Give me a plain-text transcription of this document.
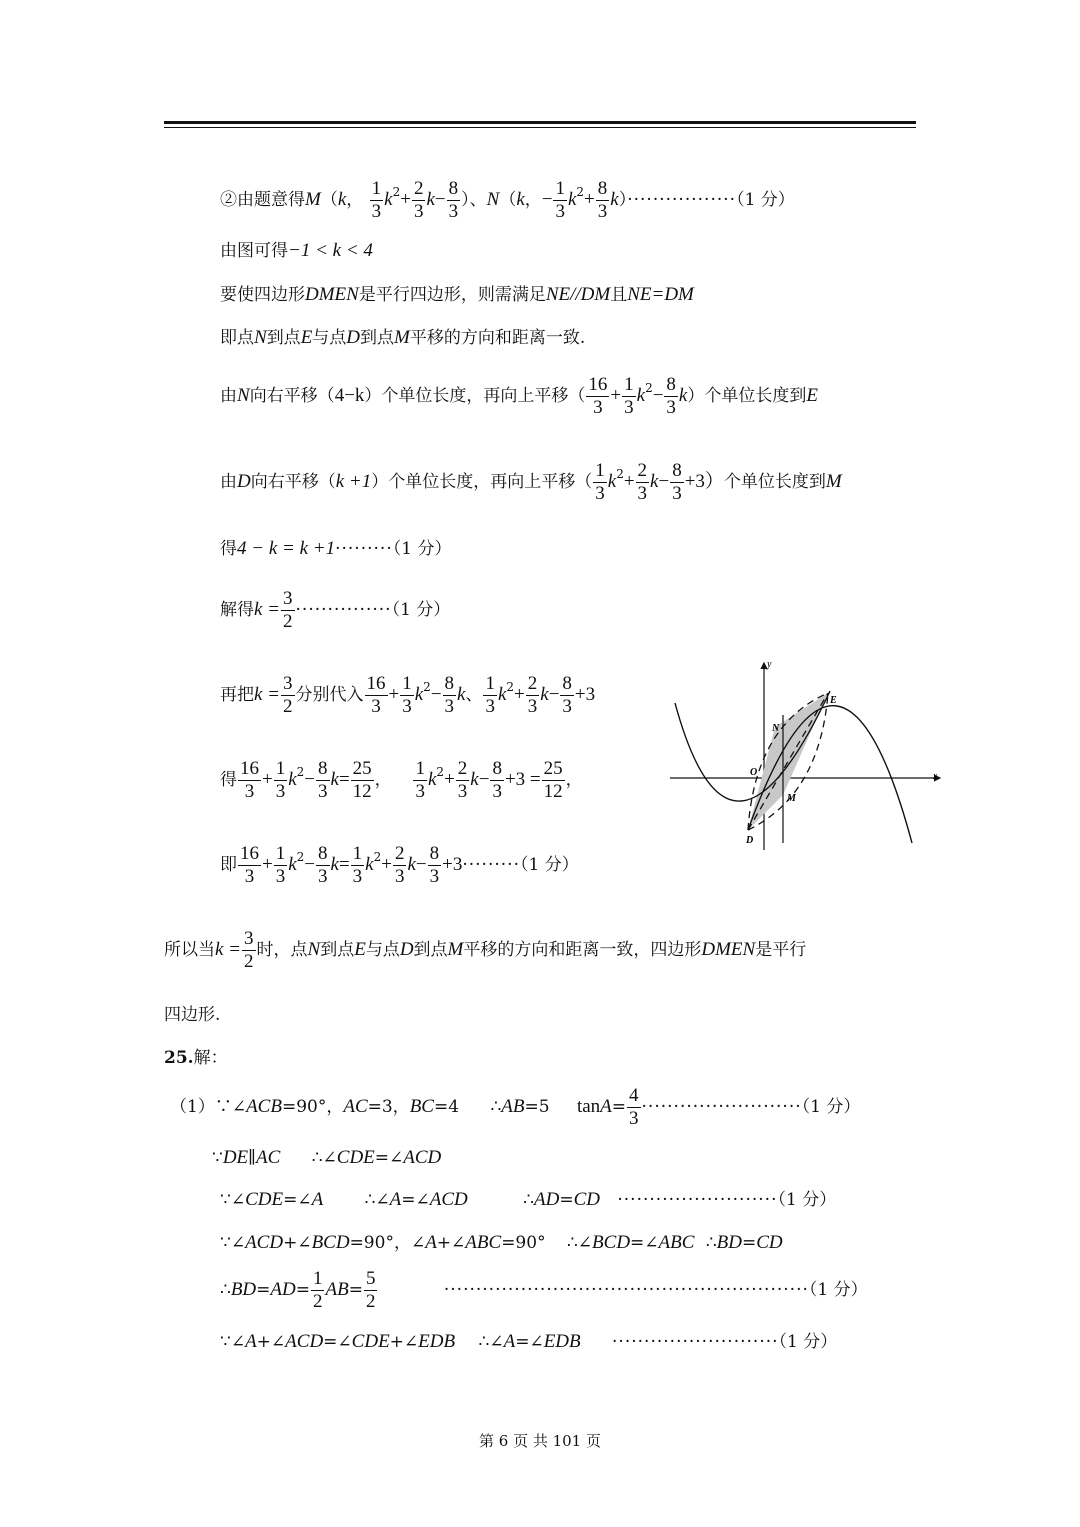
②由题意得M（k， $\frac{1}{3} k^2+ \frac{2}{3} k- \frac{8}{3}$ ）、N（k，− $\frac{1}{3} k^2+ \frac{8}{3} k)\cdot\cdot\cdot\cdot\cdot\cdot\cdot\cdot\cdot\cdot\cdot\cdot\cdot\cdot\cdot\cdot\cdot(1$ 分）
由图可得−1 < k < 4
要使四边形DMEN是平行四边形，则需满足NE//DM且NE=DM
即点N到点E与点D到点M平移的方向和距离一致.
由N向右平移（4−k）个单位长度，再向上平移（ $\frac{16}{3} + \frac{1}{3} k^2- \frac{8}{3} k$）个单位长度到E
由D向右平移（k +1）个单位长度，再向上平移（ $\frac{1}{3} k^2+ \frac{2}{3} k- \frac{8}{3} +3$）个单位长度到M
得4 − k = k +1·········（1 分）
解得$k = \frac{3}{2} \cdot\cdot\cdot\cdot\cdot\cdot\cdot\cdot\cdot\cdot\cdot\cdot\cdot\cdot\cdot(1$ 分）
再把$k = \frac{3}{2}$ 分别代入 $\frac{16}{3} + \frac{1}{3} k^2- \frac{8}{3}$ k、 $\frac{1}{3} k^2+ \frac{2}{3} k- \frac{8}{3} +3$
得 $\frac{16}{3} + \frac{1}{3} k^2- \frac{8}{3} k= \frac{25}{12}$ ， $\frac{1}{3} k^2+ \frac{2}{3} k- \frac{8}{3} +3 = \frac{25}{12}$ ，
即 $\frac{16}{3} + \frac{1}{3} k^2- \frac{8}{3} k= \frac{1}{3} k^2+ \frac{2}{3} k- \frac{8}{3} +3\cdot\cdot\cdot\cdot\cdot\cdot\cdot\cdot\cdot(1$ 分）
所以当$k = \frac{3}{2}$ 时，点N到点E与点D到点M平移的方向和距离一致，四边形DMEN是平行
四边形.
25.解：
（1）∵∠ACB=90°，AC=3，BC=4 ∴AB=5 $\tan A= \frac{4}{3} \cdot\cdot\cdot\cdot\cdot\cdot\cdot\cdot\cdot\cdot\cdot\cdot\cdot\cdot\cdot\cdot\cdot\cdot\cdot\cdot\cdot\cdot\cdot\cdot\cdot(1$ 分）
∵DE∥AC ∴∠CDE=∠ACD
∵∠CDE=∠A ∴∠A=∠ACD	∴AD=CD ·························（1 分）
∵∠ACD+∠BCD=90°，∠A+∠ABC=90° ∴∠BCD=∠ABC ∴BD=CD
∴BD=AD= $\frac{1}{2} AB= \frac{5}{2}$	·························································（1 分）
∵∠A+∠ACD=∠CDE+∠EDB ∴∠A=∠EDB ··························（1 分）
y
x
O
N
E
M
D
第 6 页 共 101 页
